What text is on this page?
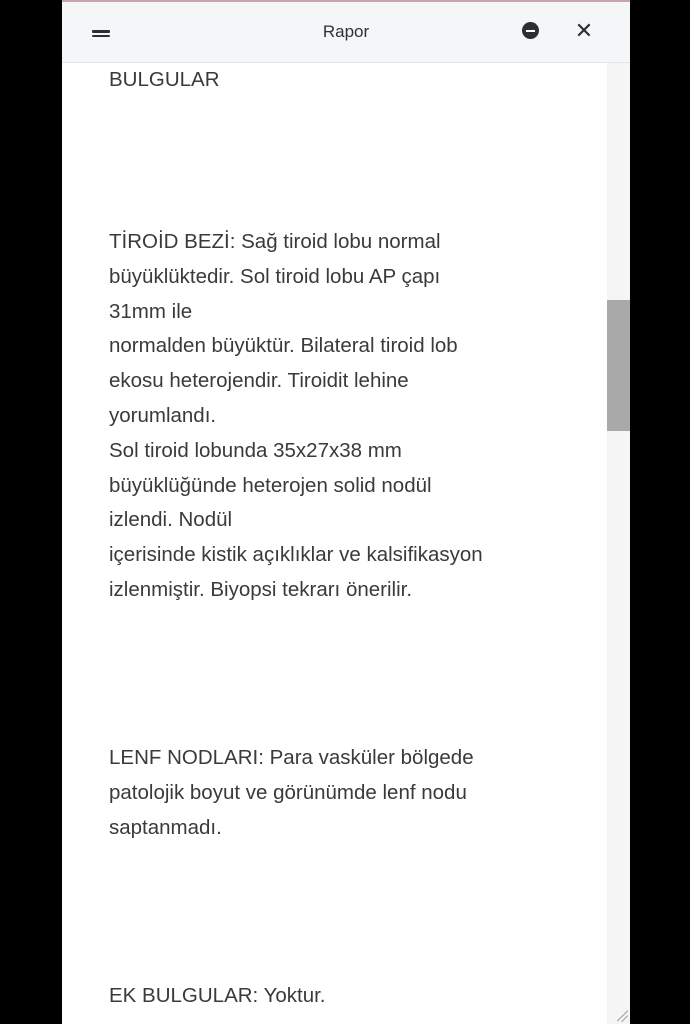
Rapor	✕

BULGULAR

TİROİD BEZİ: Sağ tiroid lobu normal

büyüklüktedir. Sol tiroid lobu AP çapı

31mm ile

normalden büyüktür. Bilateral tiroid lob

ekosu heterojendir. Tiroidit lehine

yorumlandı.

Sol tiroid lobunda 35x27x38 mm

büyüklüğünde heterojen solid nodül

izlendi. Nodül

içerisinde kistik açıklıklar ve kalsifikasyon

izlenmiştir. Biyopsi tekrarı önerilir.

LENF NODLARI: Para vasküler bölgede

patolojik boyut ve görünümde lenf nodu

saptanmadı.

EK BULGULAR: Yoktur.
